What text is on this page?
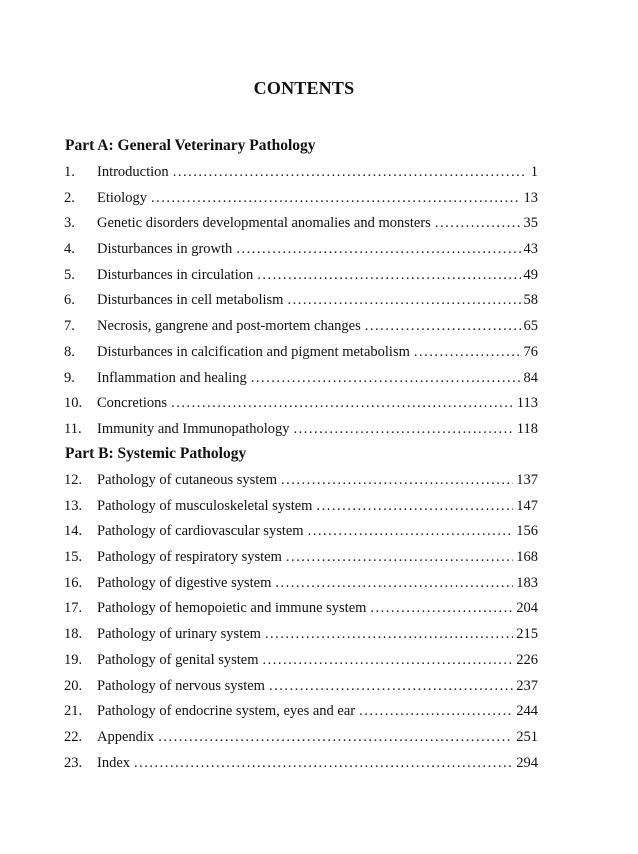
CONTENTS
Part A: General Veterinary Pathology
1.	Introduction .....	1
2.	Etiology .....	13
3.	Genetic disorders developmental anomalies and monsters .....	35
4.	Disturbances in growth .....	43
5.	Disturbances in circulation .....	49
6.	Disturbances in cell metabolism .....	58
7.	Necrosis, gangrene and post-mortem changes .....	65
8.	Disturbances in calcification and pigment metabolism .....	76
9.	Inflammation and healing .....	84
10.	Concretions .....	113
11.	Immunity and Immunopathology .....	118
Part B: Systemic Pathology
12.	Pathology of cutaneous system .....	137
13.	Pathology of musculoskeletal system .....	147
14.	Pathology of cardiovascular system .....	156
15.	Pathology of respiratory system .....	168
16.	Pathology of digestive system .....	183
17.	Pathology of hemopoietic and immune system .....	204
18.	Pathology of urinary system .....	215
19.	Pathology of genital system .....	226
20.	Pathology of nervous system .....	237
21.	Pathology of endocrine system, eyes and ear .....	244
22.	Appendix .....	251
23.	Index .....	294
